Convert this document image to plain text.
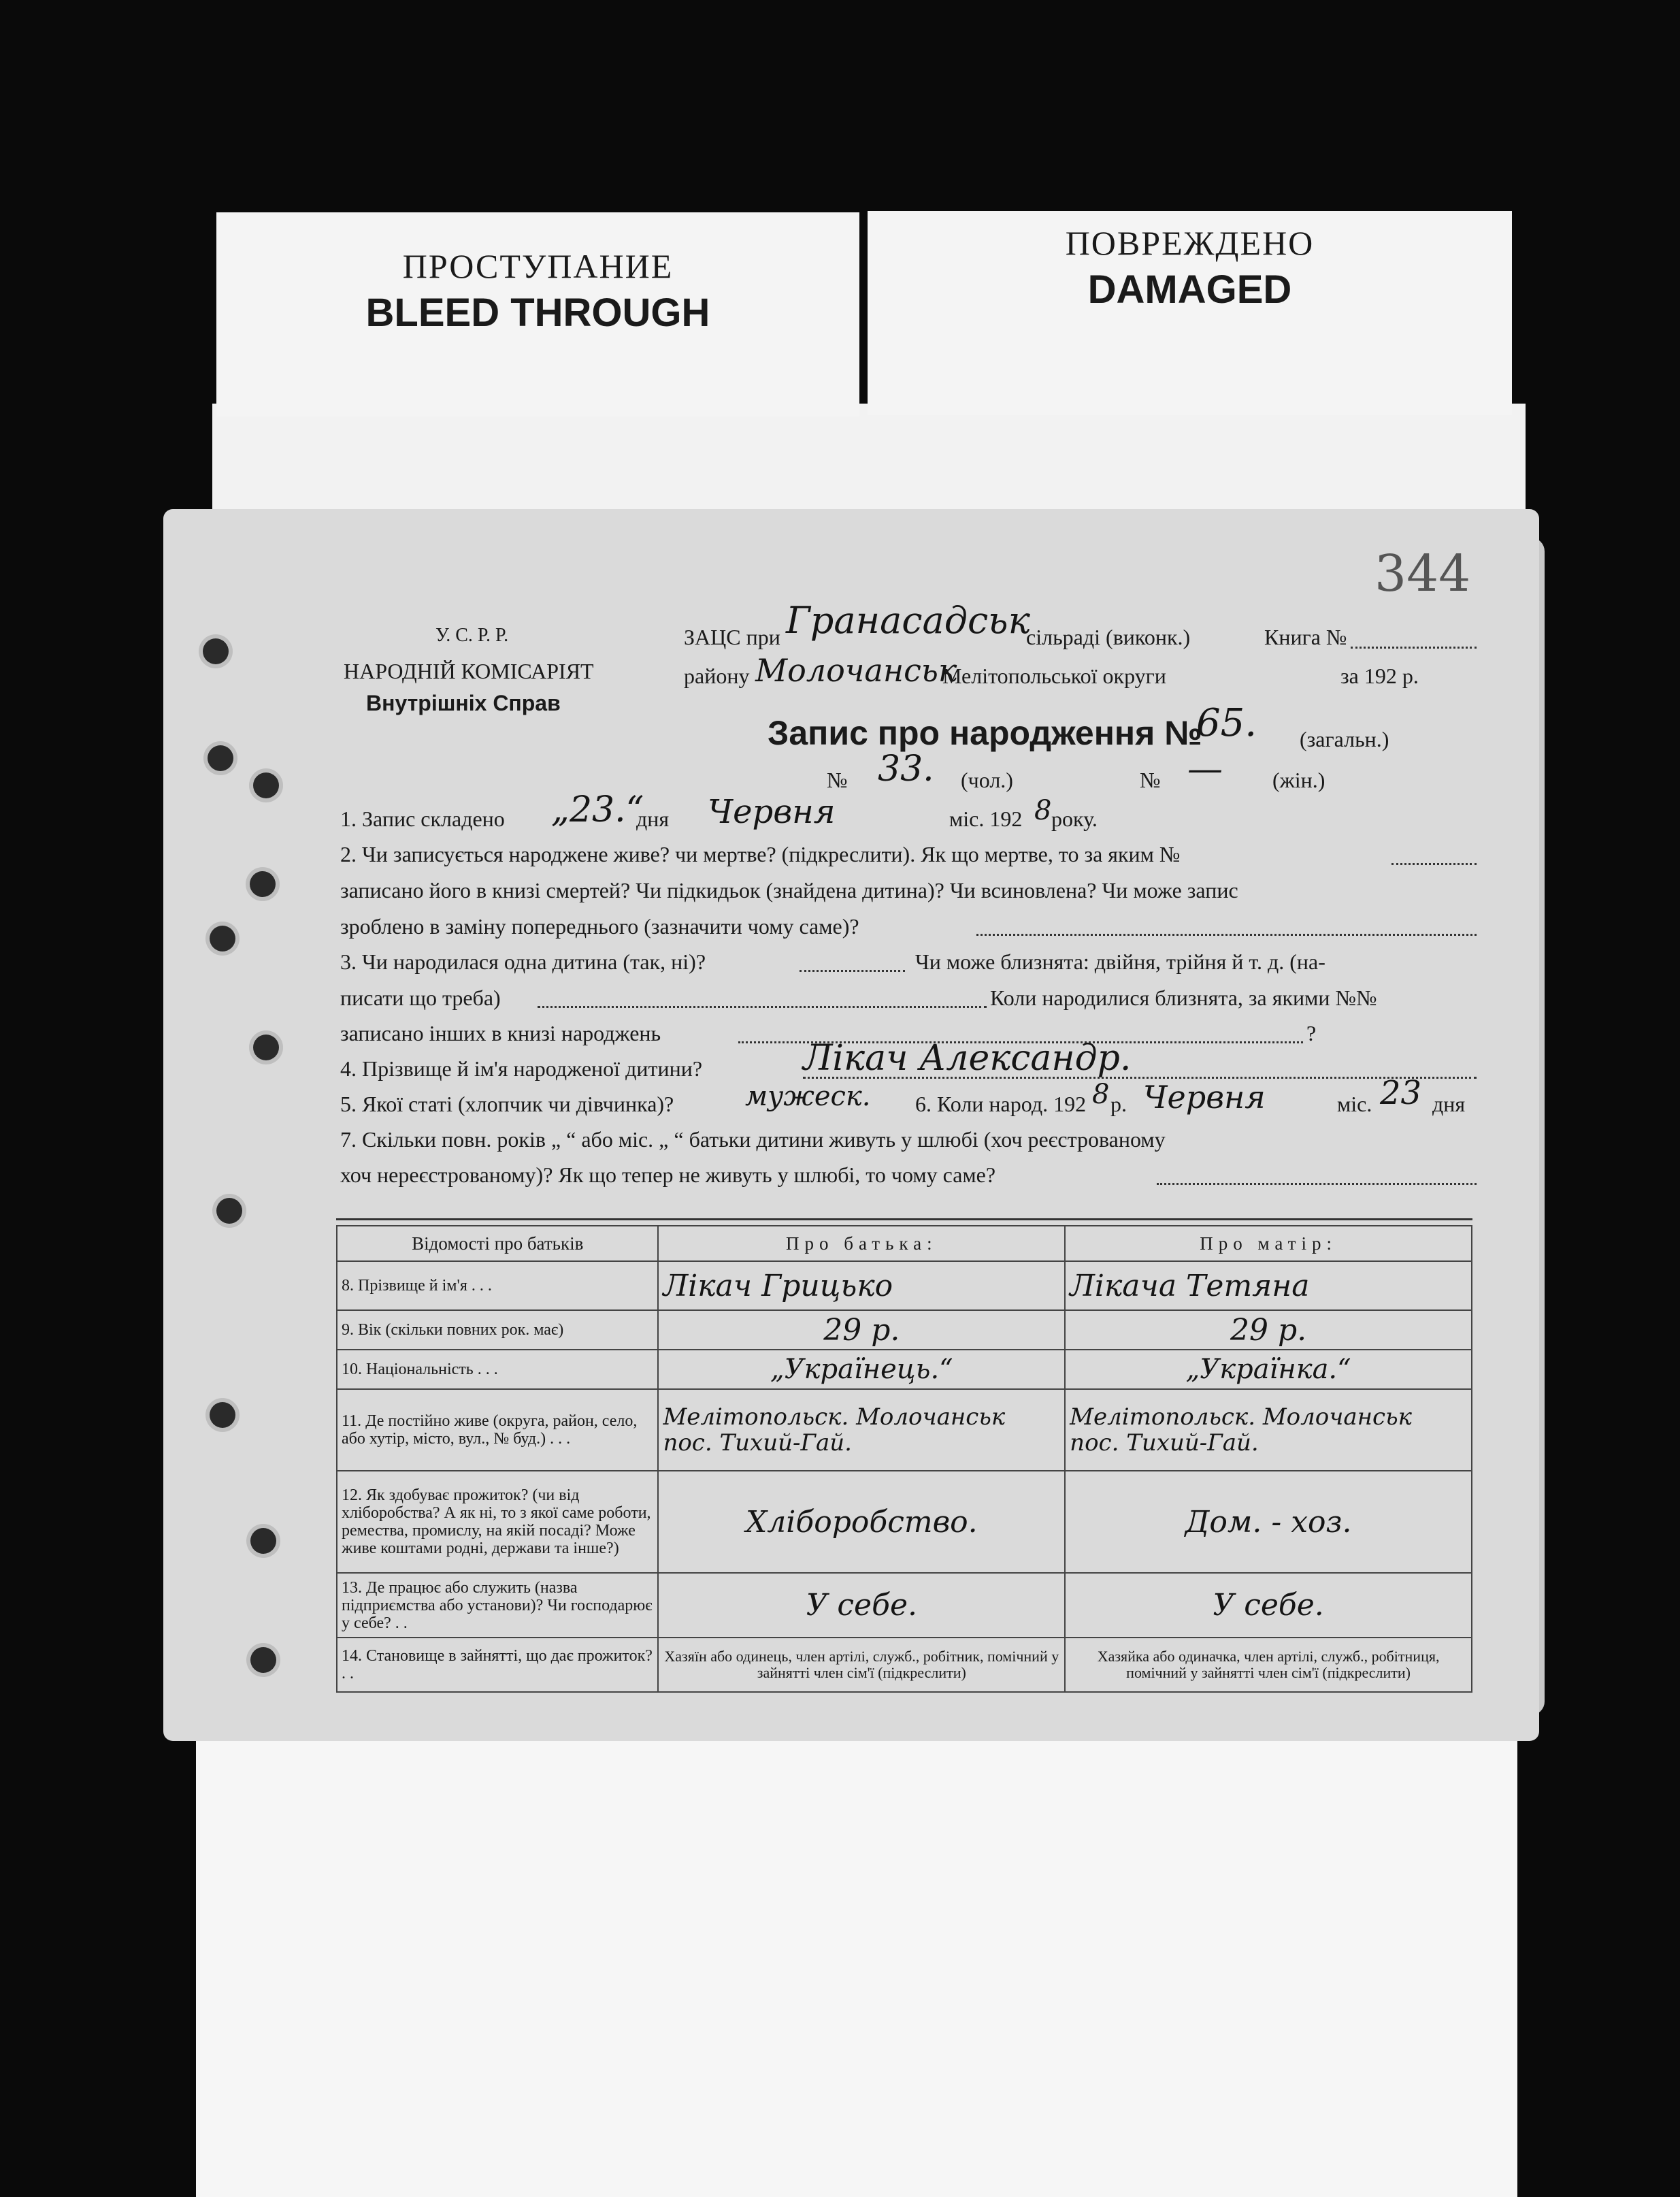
ПРОСТУПАНИЕ
BLEED THROUGH
ПОВРЕЖДЕНО
DAMAGED
344
У. С. Р. Р.
НАРОДНІЙ КОМІСАРІЯТ
Внутрішніх Справ
ЗАЦС при Гранасадськ
сільраді (виконк.)	Книга №
району Молочанськ
Мелітопольської округи	за 192 р.
Запис про народження №
65. (загальн.)
№ 33. (чол.)	№ — (жін.)
1. Запис складено „23.“
дня Червня	міс. 192 8 року.
2. Чи записується народжене живе? чи мертве? (підкреслити). Як що мертве, то за яким №
записано його в книзі смертей? Чи підкидьок (знайдена дитина)? Чи всиновлена? Чи може запис
зроблено в заміну попереднього (зазначити чому саме)?
3. Чи народилася одна дитина (так, ні)?	Чи може близнята: двійня, трійня й т. д. (на-
писати що треба)	Коли народилися близнята, за якими №№
записано інших в книзі народжень	?
4. Прізвище й ім'я народженої дитини?	Лікач Александр.
5. Якої статі (хлопчик чи дівчинка)?	мужеск. 6. Коли народ. 192 8 р. Червня	міс. 23 дня
7. Скільки повн. років „ “ або міс. „ “ батьки дитини живуть у шлюбі (хоч реєстрованому
хоч нереєстрованому)? Як що тепер не живуть у шлюбі, то чому саме?
Відомості про батьків	Про батька:	Про матір:
8. Прізвище й ім'я . . .	Лікач Грицько	Лікача Тетяна
9. Вік (скільки повних рок. має)	29 р.	29 р.
10. Національність . . .	„Українець.“	„Українка.“
11. Де постійно живе (округа, район, село, або хутір, місто, вул., № буд.) . . .	Мелітопольск. Молочанськ пос. Тихий-Гай.	Мелітопольск. Молочанськ пос. Тихий-Гай.
12. Як здобуває прожиток? (чи від хліборобства? А як ні, то з якої саме роботи, ремества, промислу, на якій посаді? Може живе коштами родні, держави та інше?)	Хлібоpобство.	Дом. - хоз.
13. Де працює або служить (назва підприємства або установи)? Чи господарює у себе? . .	У себе.	У себе.
14. Становище в зайнятті, що дає прожиток? . .	Хазяїн або одинець, член артілі, служб., робітник, помічний у зайнятті член сім'ї (підкреслити)	Хазяйка або одиначка, член артілі, служб., робітниця, помічний у зайнятті член сім'ї (підкреслити)
